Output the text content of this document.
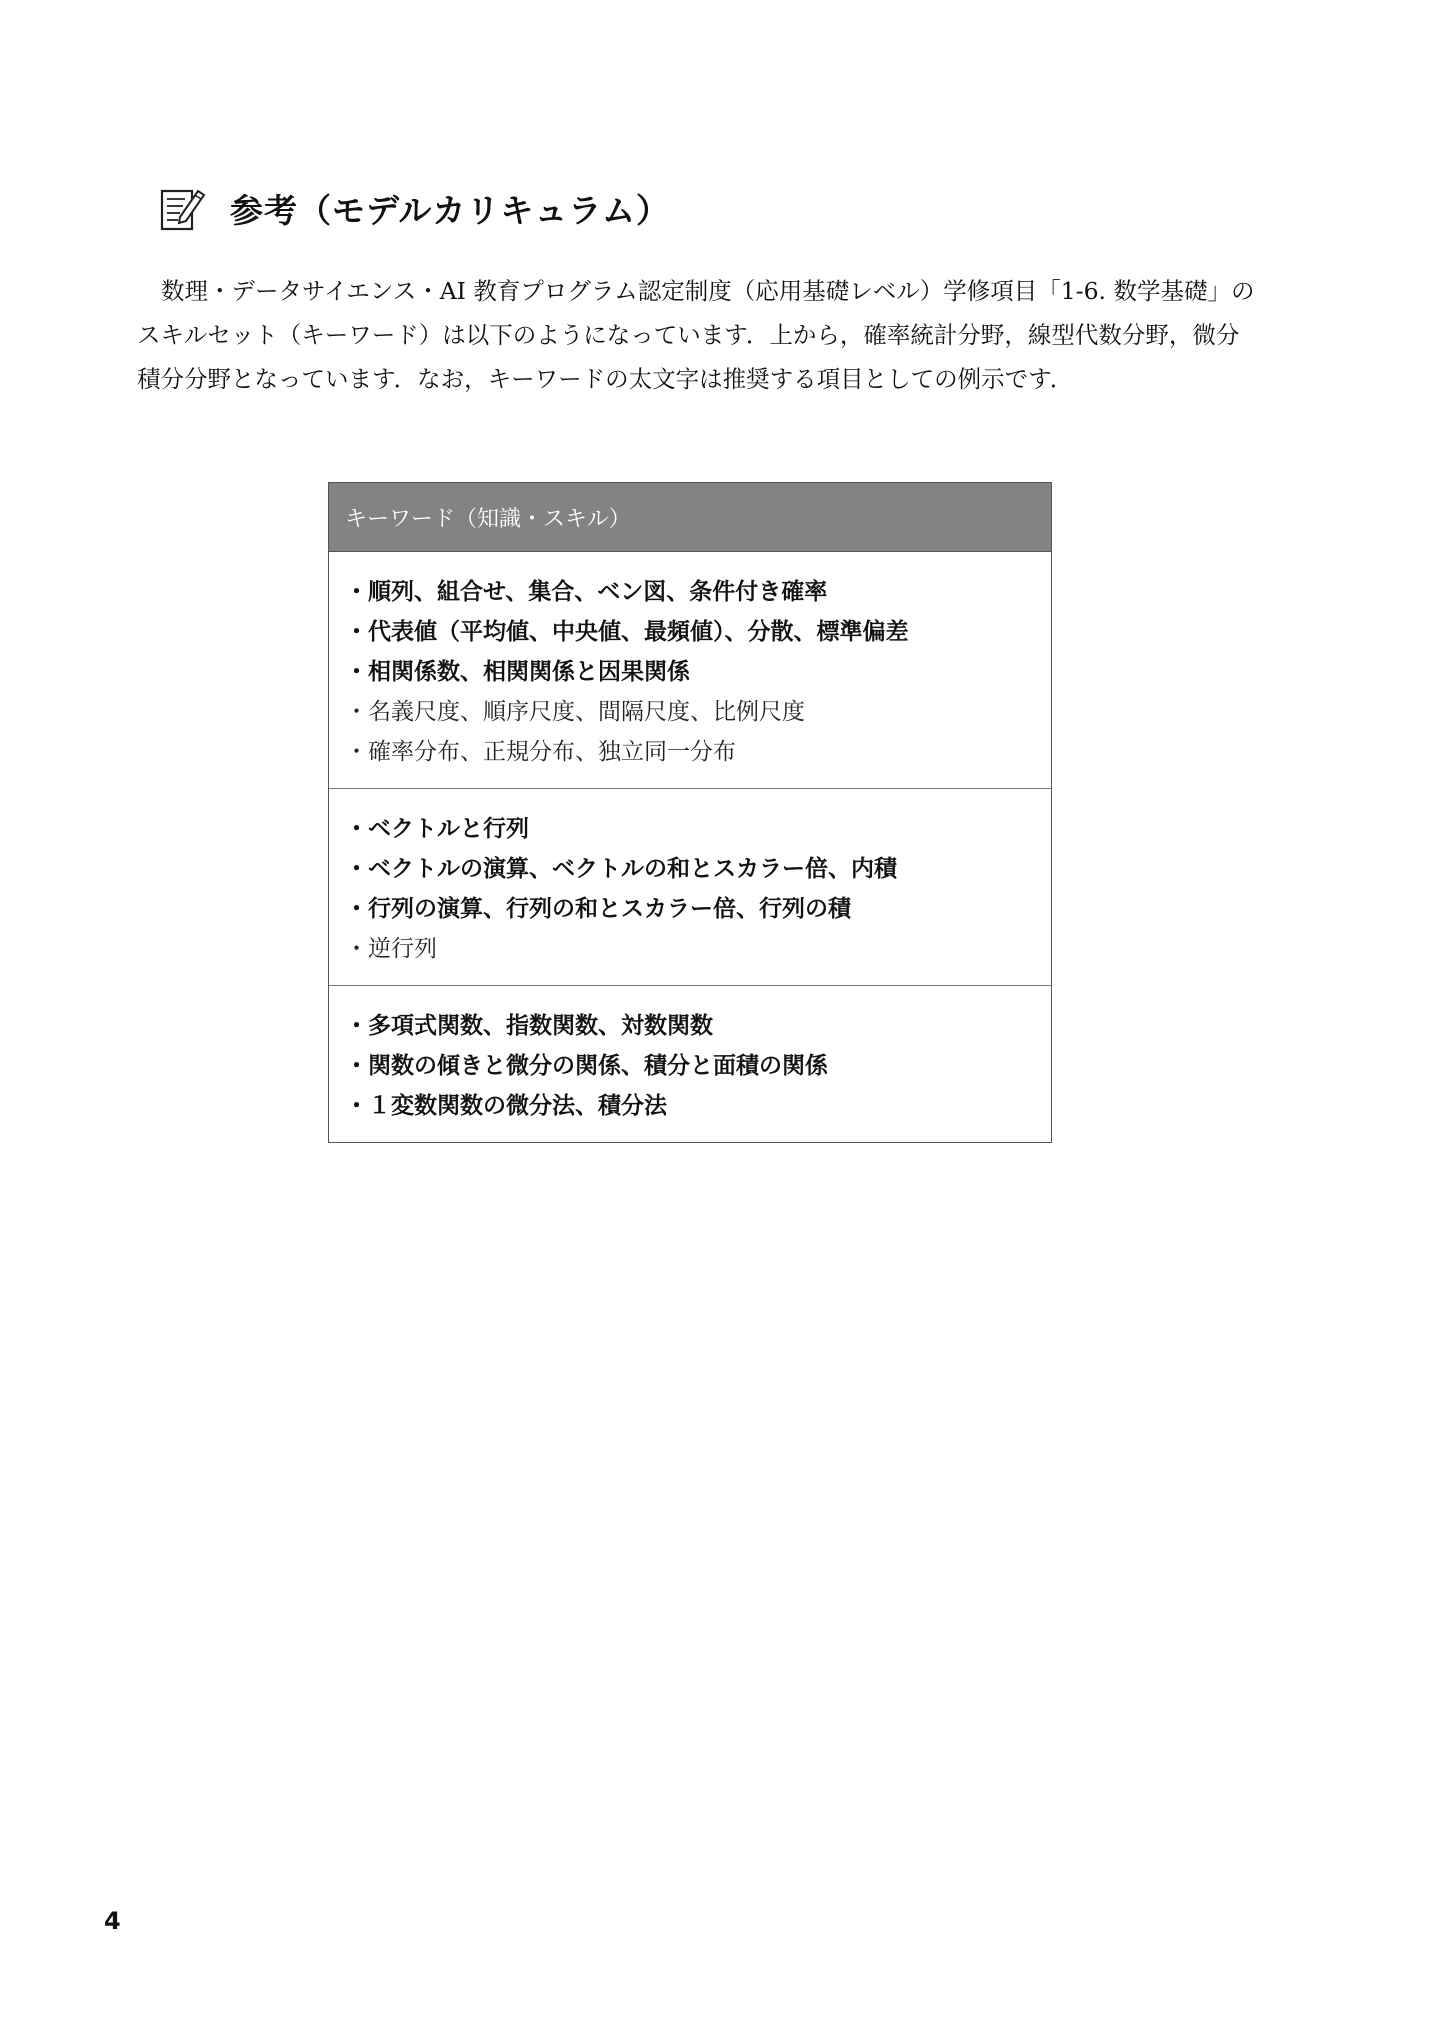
参考（モデルカリキュラム）

数理・データサイエンス・AI 教育プログラム認定制度（応用基礎レベル）学修項目「1-6. 数学基礎」のスキルセット（キーワード）は以下のようになっています．上から，確率統計分野，線型代数分野，微分積分分野となっています．なお，キーワードの太文字は推奨する項目としての例示です．

キーワード（知識・スキル）
・順列、組合せ、集合、ベン図、条件付き確率
・代表値（平均値、中央値、最頻値）、分散、標準偏差
・相関係数、相関関係と因果関係
・名義尺度、順序尺度、間隔尺度、比例尺度
・確率分布、正規分布、独立同一分布
・ベクトルと行列
・ベクトルの演算、ベクトルの和とスカラー倍、内積
・行列の演算、行列の和とスカラー倍、行列の積
・逆行列
・多項式関数、指数関数、対数関数
・関数の傾きと微分の関係、積分と面積の関係
・１変数関数の微分法、積分法
4
